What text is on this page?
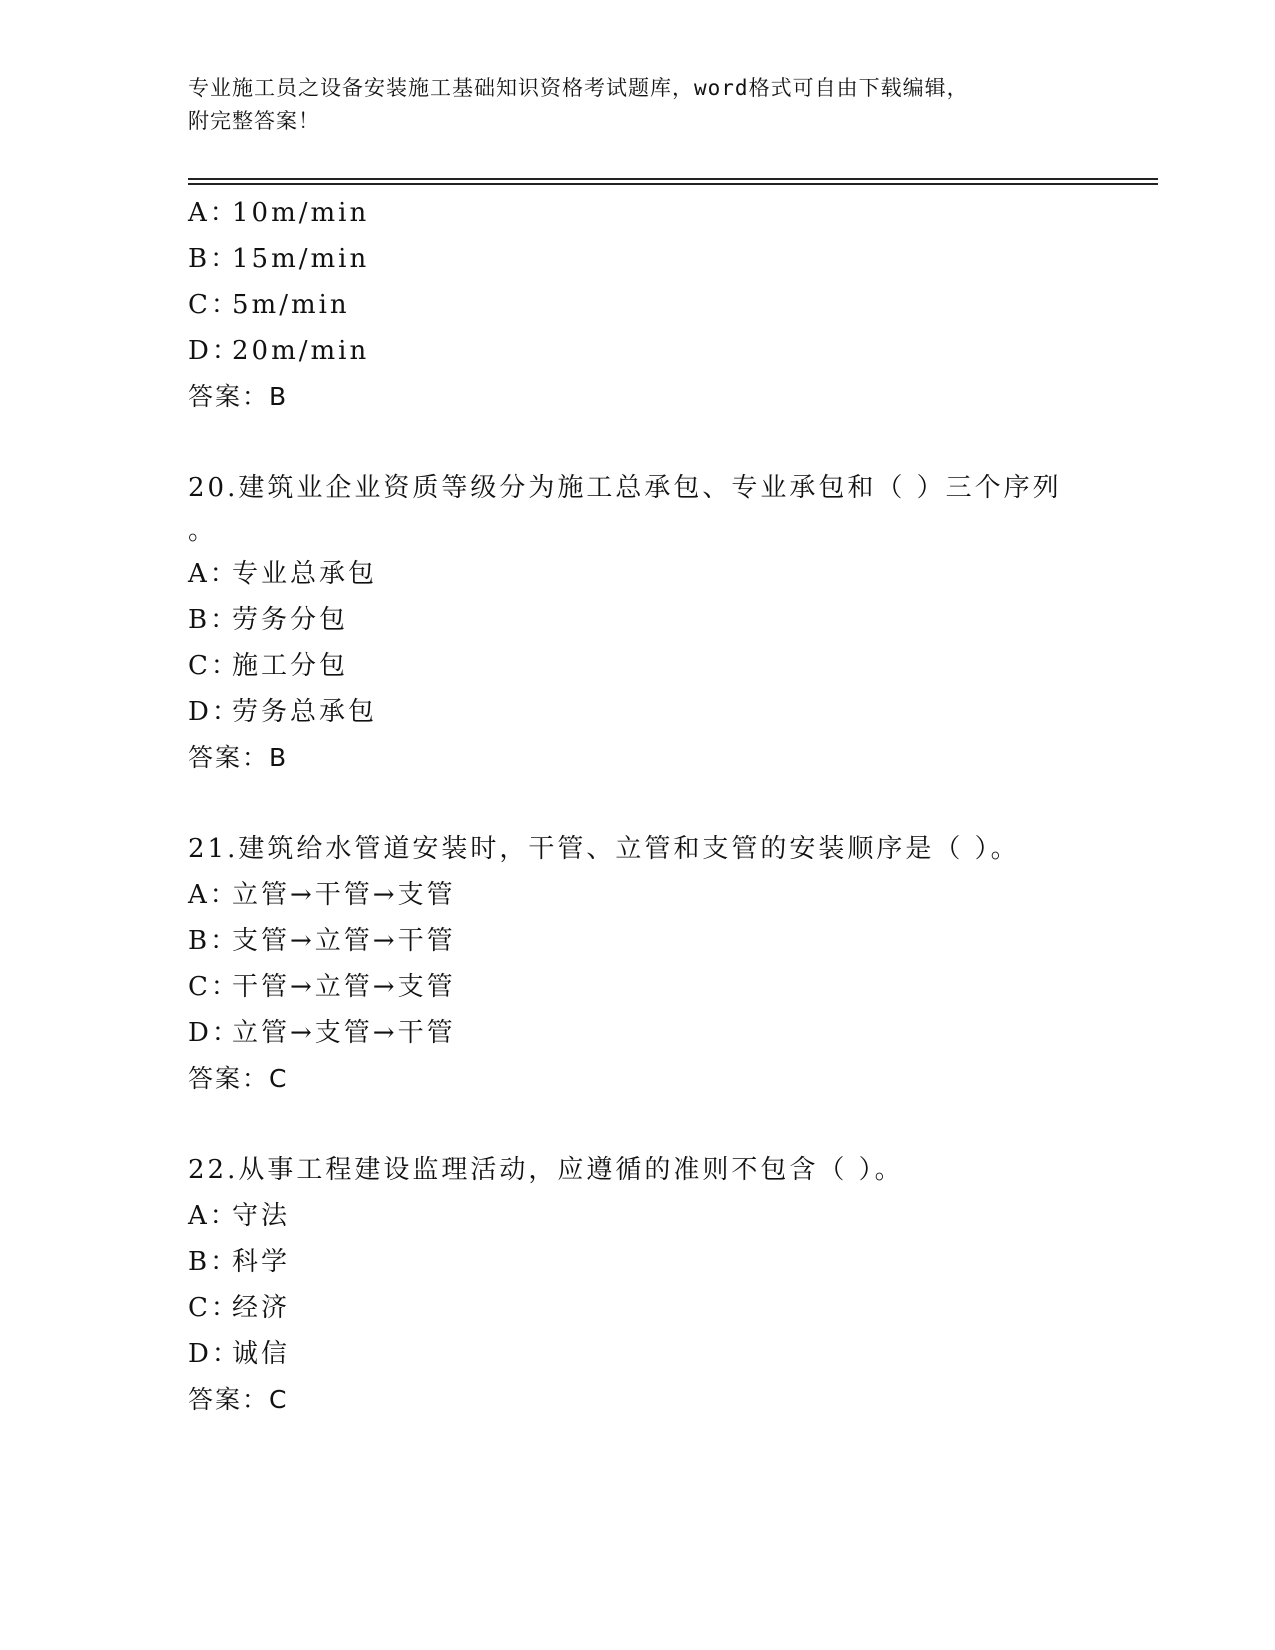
专业施工员之设备安装施工基础知识资格考试题库，word格式可自由下载编辑，
附完整答案！
A：
10m/min
B：
15m/min
C：
5m/min
D：
20m/min
答案：B
20.建筑业企业资质等级分为施工总承包、专业承包和（ ）三个序列
。
A：
专业总承包
B：
劳务分包
C：
施工分包
D：
劳务总承包
答案：B
21.建筑给水管道安装时，干管、立管和支管的安装顺序是（ ）。
A：
立管→干管→支管
B：
支管→立管→干管
C：
干管→立管→支管
D：
立管→支管→干管
答案：C
22.从事工程建设监理活动，应遵循的准则不包含（ ）。
A：
守法
B：
科学
C：
经济
D：
诚信
答案：C
